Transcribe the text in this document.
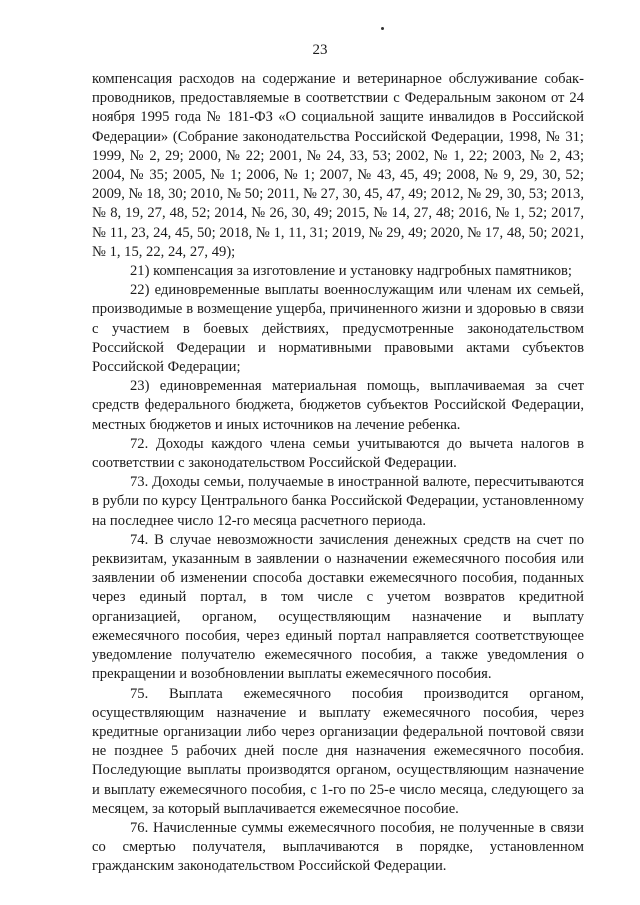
23

компенсация расходов на содержание и ветеринарное обслуживание собак-проводников, предоставляемые в соответствии с Федеральным законом от 24 ноября 1995 года № 181-ФЗ «О социальной защите инвалидов в Российской Федерации» (Собрание законодательства Российской Федерации, 1998, № 31; 1999, № 2, 29; 2000, № 22; 2001, № 24, 33, 53; 2002, № 1, 22; 2003, № 2, 43; 2004, № 35; 2005, № 1; 2006, № 1; 2007, № 43, 45, 49; 2008, № 9, 29, 30, 52; 2009, № 18, 30; 2010, № 50; 2011, № 27, 30, 45, 47, 49; 2012, № 29, 30, 53; 2013, № 8, 19, 27, 48, 52; 2014, № 26, 30, 49; 2015, № 14, 27, 48; 2016, № 1, 52; 2017, № 11, 23, 24, 45, 50; 2018, № 1, 11, 31; 2019, № 29, 49; 2020, № 17, 48, 50; 2021, № 1, 15, 22, 24, 27, 49);

21) компенсация за изготовление и установку надгробных памятников;

22) единовременные выплаты военнослужащим или членам их семьей, производимые в возмещение ущерба, причиненного жизни и здоровью в связи с участием в боевых действиях, предусмотренные законодательством Российской Федерации и нормативными правовыми актами субъектов Российской Федерации;

23) единовременная материальная помощь, выплачиваемая за счет средств федерального бюджета, бюджетов субъектов Российской Федерации, местных бюджетов и иных источников на лечение ребенка.

72. Доходы каждого члена семьи учитываются до вычета налогов в соответствии с законодательством Российской Федерации.

73. Доходы семьи, получаемые в иностранной валюте, пересчитываются в рубли по курсу Центрального банка Российской Федерации, установленному на последнее число 12-го месяца расчетного периода.

74. В случае невозможности зачисления денежных средств на счет по реквизитам, указанным в заявлении о назначении ежемесячного пособия или заявлении об изменении способа доставки ежемесячного пособия, поданных через единый портал, в том числе с учетом возвратов кредитной организацией, органом, осуществляющим назначение и выплату ежемесячного пособия, через единый портал направляется соответствующее уведомление получателю ежемесячного пособия, а также уведомления о прекращении и возобновлении выплаты ежемесячного пособия.

75. Выплата ежемесячного пособия производится органом, осуществляющим назначение и выплату ежемесячного пособия, через кредитные организации либо через организации федеральной почтовой связи не позднее 5 рабочих дней после дня назначения ежемесячного пособия. Последующие выплаты производятся органом, осуществляющим назначение и выплату ежемесячного пособия, с 1-го по 25-е число месяца, следующего за месяцем, за который выплачивается ежемесячное пособие.

76. Начисленные суммы ежемесячного пособия, не полученные в связи со смертью получателя, выплачиваются в порядке, установленном гражданским законодательством Российской Федерации.
